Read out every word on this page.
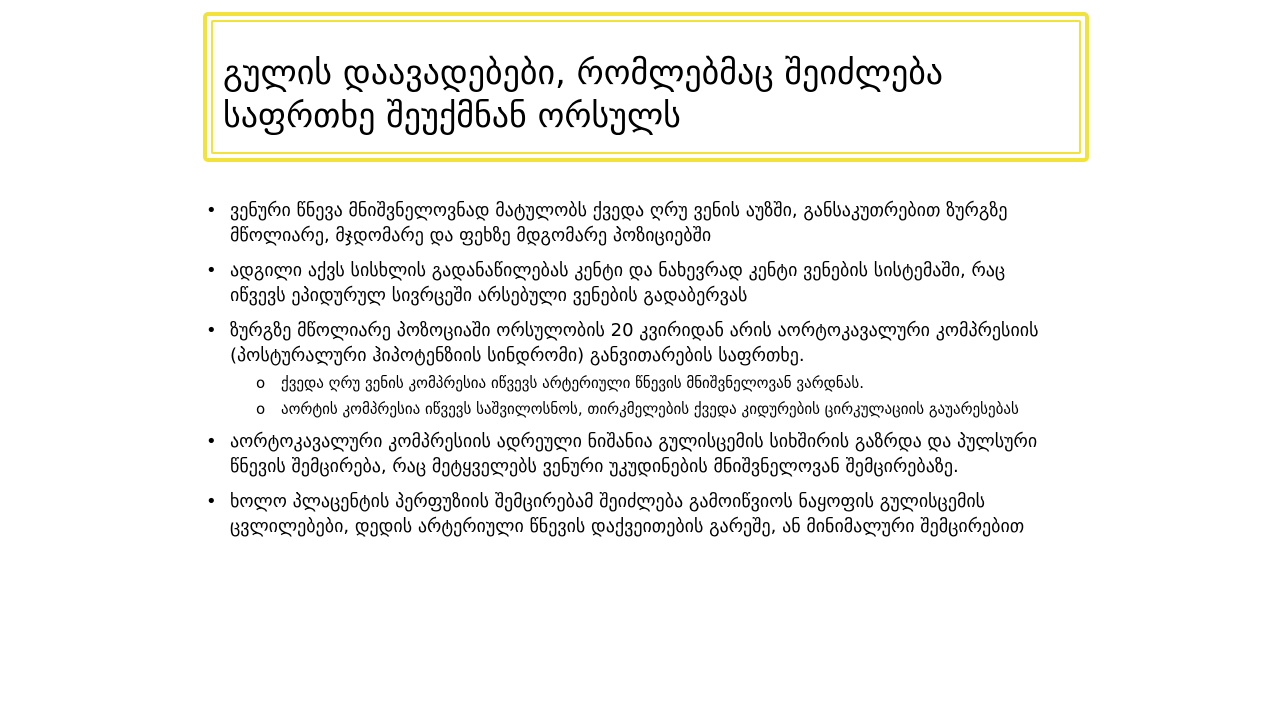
გულის დაავადებები, რომლებმაც შეიძლება
საფრთხე შეუქმნან ორსულს
• ვენური წნევა მნიშვნელოვნად მატულობს ქვედა ღრუ ვენის აუზში, განსაკუთრებით ზურგზე მწოლიარე, მჯდომარე და ფეხზე მდგომარე პოზიციებში
• ადგილი აქვს სისხლის გადანაწილებას კენტი და ნახევრად კენტი ვენების სისტემაში, რაც იწვევს ეპიდურულ სივრცეში არსებული ვენების გადაბერვას
• ზურგზე მწოლიარე პოზოციაში ორსულობის 20 კვირიდან არის აორტოკავალური კომპრესიის (პოსტურალური ჰიპოტენზიის სინდრომი) განვითარების საფრთხე.
o ქვედა ღრუ ვენის კომპრესია იწვევს არტერიული წნევის მნიშვნელოვან ვარდნას.
o აორტის კომპრესია იწვევს საშვილოსნოს, თირკმელების ქვედა კიდურების ცირკულაციის გაუარესებას
• აორტოკავალური კომპრესიის ადრეული ნიშანია გულისცემის სიხშირის გაზრდა და პულსური წნევის შემცირება, რაც მეტყველებს ვენური უკუდინების მნიშვნელოვან შემცირებაზე.
• ხოლო პლაცენტის პერფუზიის შემცირებამ შეიძლება გამოიწვიოს ნაყოფის გულისცემის ცვლილებები, დედის არტერიული წნევის დაქვეითების გარეშე, ან მინიმალური შემცირებით
